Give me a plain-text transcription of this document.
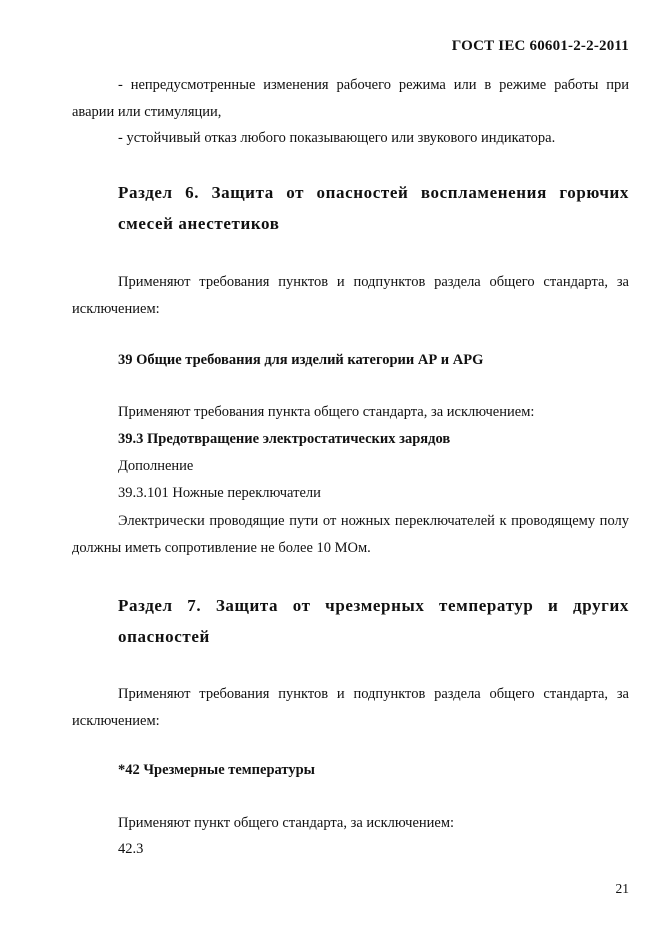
ГОСТ IEC 60601-2-2-2011

- непредусмотренные изменения рабочего режима или в режиме работы при аварии или стимуляции,

- устойчивый отказ любого показывающего или звукового индикатора.

Раздел 6. Защита от опасностей воспламенения горючих смесей анестетиков

Применяют требования пунктов и подпунктов раздела общего стандарта, за исключением:

39 Общие требования для изделий категории АР и APG

Применяют требования пункта общего стандарта, за исключением:

39.3 Предотвращение электростатических зарядов

Дополнение

39.3.101 Ножные переключатели

Электрически проводящие пути от ножных переключателей к проводящему полу должны иметь сопротивление не более 10 МОм.

Раздел 7. Защита от чрезмерных температур и других опасностей

Применяют требования пунктов и подпунктов раздела общего стандарта, за исключением:

*42 Чрезмерные температуры

Применяют пункт общего стандарта, за исключением:

42.3

21
